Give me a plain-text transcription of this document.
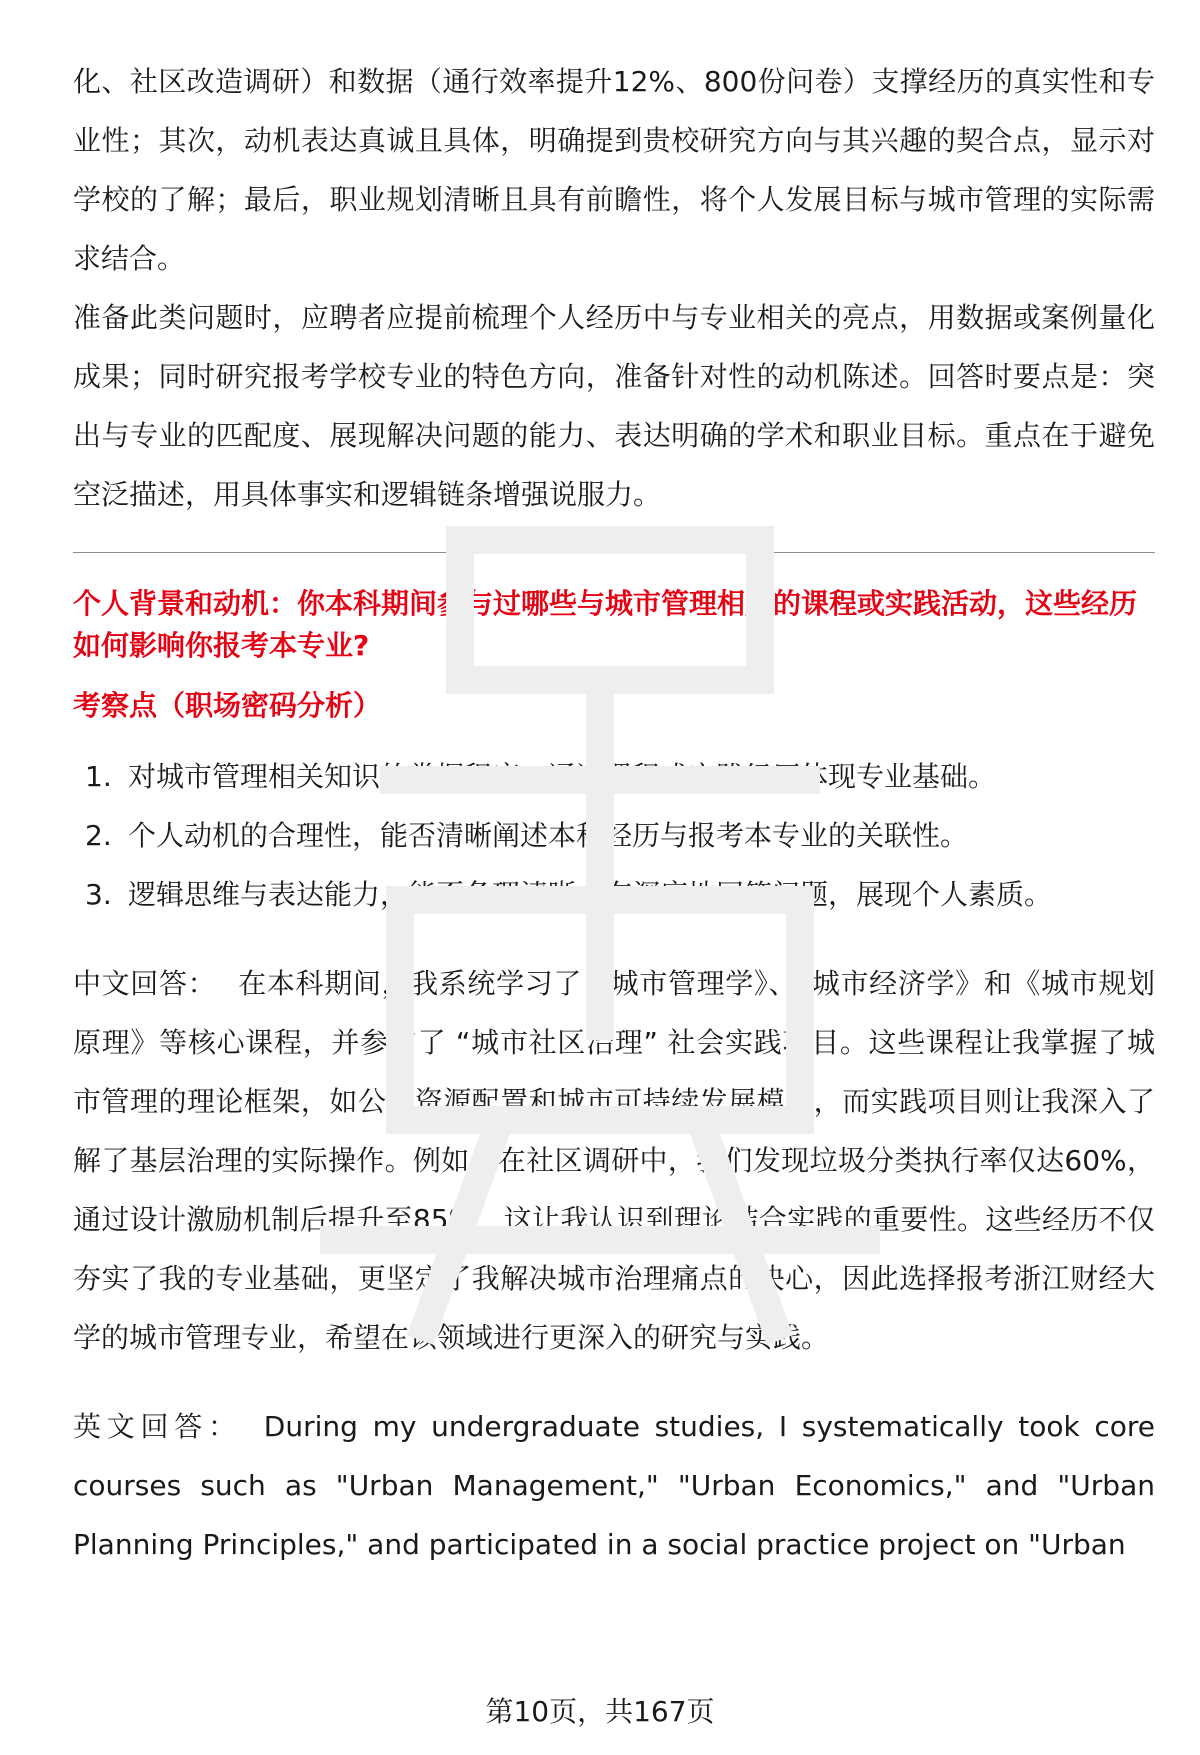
化、社区改造调研）和数据（通行效率提升12%、800份问卷）支撑经历的真实性和专业性；其次，动机表达真诚且具体，明确提到贵校研究方向与其兴趣的契合点，显示对学校的了解；最后，职业规划清晰且具有前瞻性，将个人发展目标与城市管理的实际需求结合。

准备此类问题时，应聘者应提前梳理个人经历中与专业相关的亮点，用数据或案例量化成果；同时研究报考学校专业的特色方向，准备针对性的动机陈述。回答时要点是：突出与专业的匹配度、展现解决问题的能力、表达明确的学术和职业目标。重点在于避免空泛描述，用具体事实和逻辑链条增强说服力。

个人背景和动机：你本科期间参与过哪些与城市管理相关的课程或实践活动，这些经历如何影响你报考本专业?
考察点（职场密码分析）
1. 对城市管理相关知识的掌握程度，通过课程或实践经历体现专业基础。
2. 个人动机的合理性，能否清晰阐述本科经历与报考本专业的关联性。
3. 逻辑思维与表达能力，能否条理清晰、有深度地回答问题，展现个人素质。

中文回答： 在本科期间，我系统学习了《城市管理学》、《城市经济学》和《城市规划原理》等核心课程，并参与了 “城市社区治理” 社会实践项目。这些课程让我掌握了城市管理的理论框架，如公共资源配置和城市可持续发展模型，而实践项目则让我深入了解了基层治理的实际操作。例如，在社区调研中，我们发现垃圾分类执行率仅达60%，通过设计激励机制后提升至85%，这让我认识到理论结合实践的重要性。这些经历不仅夯实了我的专业基础，更坚定了我解决城市治理痛点的决心，因此选择报考浙江财经大学的城市管理专业，希望在该领域进行更深入的研究与实践。

英文回答： During my undergraduate studies, I systematically took core courses such as "Urban Management," "Urban Economics," and "Urban Planning Principles," and participated in a social practice project on "Urban

第10页，共167页
